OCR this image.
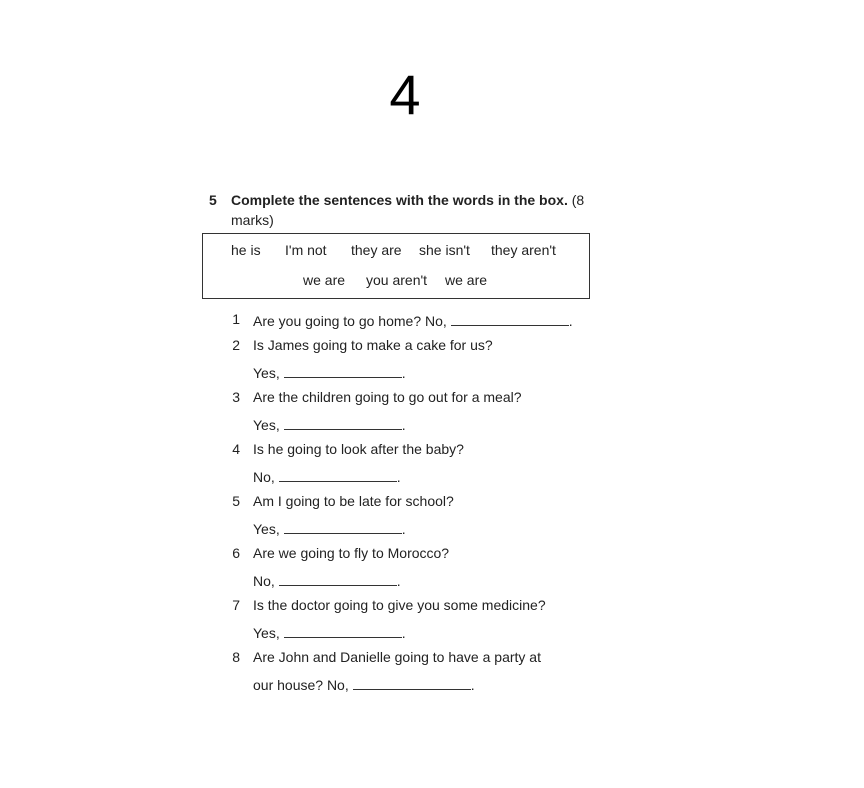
4
5 Complete the sentences with the words in the box. (8 marks)
he is I'm not they are she isn't they aren't
we are you aren't we are
1 Are you going to go home? No,	.
2 Is James going to make a cake for us?
Yes,	.
3 Are the children going to go out for a meal?
Yes,	.
4 Is he going to look after the baby?
No,	.
5 Am I going to be late for school?
Yes,	.
6 Are we going to fly to Morocco?
No,	.
7 Is the doctor going to give you some medicine?
Yes,	.
8 Are John and Danielle going to have a party at
our house? No,	.
